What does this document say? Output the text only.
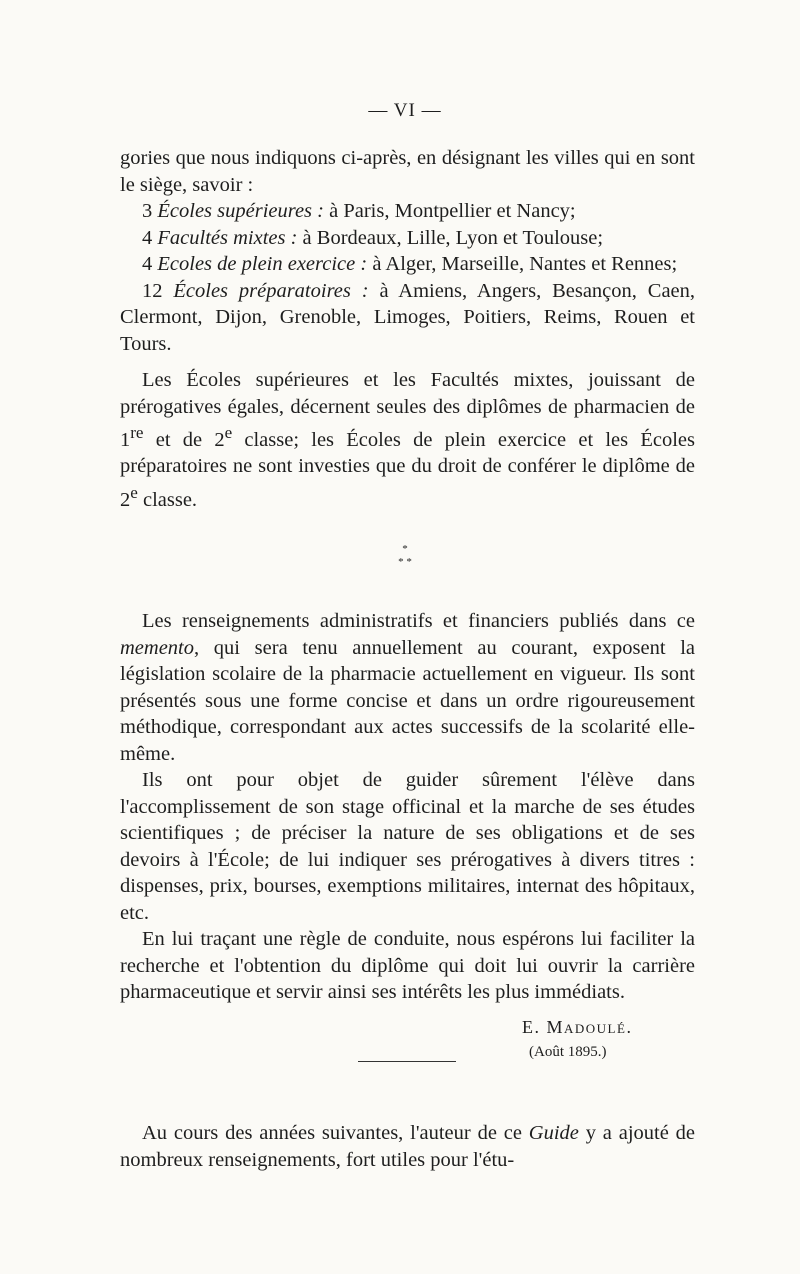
— VI —

gories que nous indiquons ci-après, en désignant les villes qui en sont le siège, savoir :

3 Écoles supérieures : à Paris, Montpellier et Nancy;
4 Facultés mixtes : à Bordeaux, Lille, Lyon et Toulouse;
4 Ecoles de plein exercice : à Alger, Marseille, Nantes et Rennes;
12 Écoles préparatoires : à Amiens, Angers, Besançon, Caen, Clermont, Dijon, Grenoble, Limoges, Poitiers, Reims, Rouen et Tours.

Les Écoles supérieures et les Facultés mixtes, jouissant de prérogatives égales, décernent seules des diplômes de pharmacien de 1re et de 2e classe; les Écoles de plein exercice et les Écoles préparatoires ne sont investies que du droit de conférer le diplôme de 2e classe.

*
* *

Les renseignements administratifs et financiers publiés dans ce memento, qui sera tenu annuellement au courant, exposent la législation scolaire de la pharmacie actuellement en vigueur. Ils sont présentés sous une forme concise et dans un ordre rigoureusement méthodique, correspondant aux actes successifs de la scolarité elle-même.

Ils ont pour objet de guider sûrement l'élève dans l'accomplissement de son stage officinal et la marche de ses études scientifiques ; de préciser la nature de ses obligations et de ses devoirs à l'École; de lui indiquer ses prérogatives à divers titres : dispenses, prix, bourses, exemptions militaires, internat des hôpitaux, etc.

En lui traçant une règle de conduite, nous espérons lui faciliter la recherche et l'obtention du diplôme qui doit lui ouvrir la carrière pharmaceutique et servir ainsi ses intérêts les plus immédiats.

E. Madoulé.
(Août 1895.)

Au cours des années suivantes, l'auteur de ce Guide y a ajouté de nombreux renseignements, fort utiles pour l'étu-
